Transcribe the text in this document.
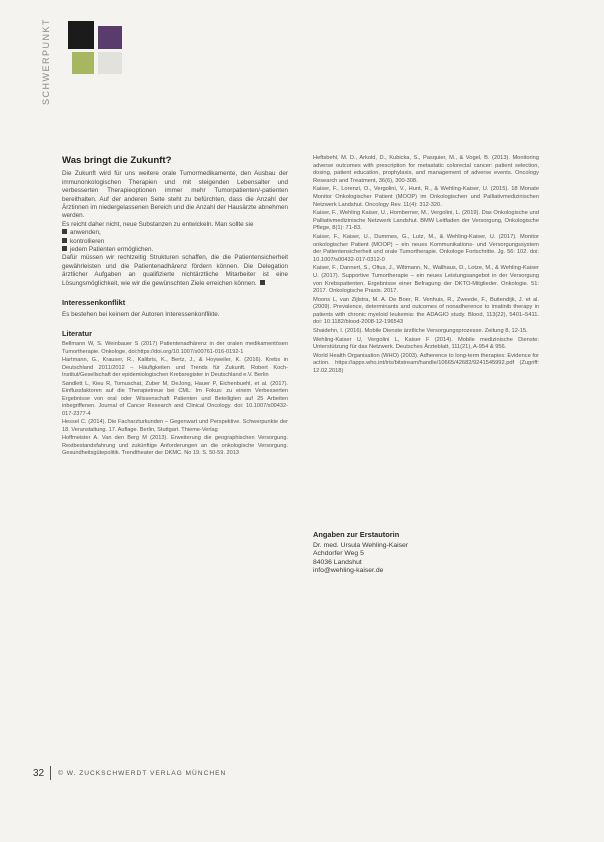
SCHWERPUNKT
Was bringt die Zukunft?

Die Zukunft wird für uns weitere orale Tumormedikamente, den Ausbau der immunonkologischen Therapien und mit steigenden Lebensalter und verbesserten Therapieoptionen immer mehr Tumorpatienten/-patienten bereithalten. Auf der anderen Seite steht zu befürchten, dass die Anzahl der Ärztinnen im niedergelassenen Bereich und die Anzahl der Hausärzte abnehmen werden.

Es reicht daher nicht, neue Substanzen zu entwickeln. Man sollte sie

anwenden,
kontrollieren
jedem Patienten ermöglichen.

Dafür müssen wir rechtzeitig Strukturen schaffen, die die Patientensicherheit gewährleisten und die Patientenadhärenz fördern können. Die Delegation ärztlicher Aufgaben an qualifizierte nichtärztliche Mitarbeiter ist eine Lösungsmöglichkeit, wie wir die gewünschten Ziele erreichen können.

Interessenkonflikt

Es bestehen bei keinem der Autoren Interessenkonflikte.

Literatur

Bellmann W, S. Weinbauer S (2017) Patientenadhärenz in der oralen medikamentösen Tumortherapie. Onkologe, doi:https://doi.org/10.1007/s00761-016-0192-1

Hartmann, G., Krauser, R., Kalibris, K., Bertz, J., & Hoyweiler, K. (2016). Krebs in Deutschland 2011/2012 – Häufigkeiten und Trends für Zukunft. Robert Koch-Institut/Gesellschaft der epidemiologischen Krebsregister in Deutschland e.V. Berlin

Sandlett L, Kieu R, Tomuschat, Zuber M, DeJong, Hauer P, Eichenbuehl, et al. (2017). Einflussfaktoren auf die Therapietreue bei CML: Im Fokus: zu einem Verbesserten Ergebnisse von oral oder Wissenschaft Patienten und Beteiligten auf 25 Arbeiten inbegriffenen. Journal of Cancer Research and Clinical Oncology. doi: 10.1007/s00432-017-2377-4

Hessel C. (2014). Die Facharzturkunden – Gegenwart und Perspektive. Schwerpunkte der 18. Veranstaltung. 17. Auflage. Berlin, Stuttgart. Thieme-Verlag

Hoffmeister A. Van den Berg M (2013). Erweiterung die geographischen Versorgung. Restbestandsfahrung und zukünftige Anforderungen an die onkologische Versorgung. Gesundheitsgütepolitik. Trendtheater der DKMC. No 19. S. 50-59. 2013

Heftsbehl, M. D., Arkold, D., Kubicka, S., Pasquier, M., & Vogel, B. (2013). Monitoring adverse outcomes with prescription for metastatic colorectal cancer: patient selection, dosing, patient education, prophylaxis, and management of adverse events. Oncology Research and Treatment, 36(6), 300-308.

Kaiser, F., Lorenzi, O., Vergolini, V., Hunt, R., & Wehling-Kaiser, U. (2015). 18 Monate Monitor Onkologischer Patient (MOOP) im Onkologischen und Palliativmedizinischen Netzwerk Landshut. Oncology Rev. 11(4): 312-320.

Kaiser, F., Wehling Kaiser, U., Homberner, M., Vergolini, L. (2019). Das Onkologische und Palliativmedizinische Netzwerk Landshut. BMW Leitfaden der Versorgung, Onkologische Pflege, 8(1): 71-83.

Kaiser, F., Kaiser, U., Dummes, G., Lutz, M., & Wehling-Kaiser, U. (2017). Monitor onkologischer Patient (MOOP) – ein neues Kommunikations- und Versorgungssystem der Patientensicherheit und orale Tumortherapie. Onkologe Fortschritte. Jg. 56: 102. doi: 10.1007/s00432-017-0312-0

Kaiser, F., Dannert, S., Oltus, J., Wiltmann, N., Wallhaus, D., Lotze, M., & Wehling-Kaiser U. (2017). Supportive Tumortherapie – ein neues Leistungsangebot in der Versorgung von Krebspatienten. Ergebnisse einer Befragung der DKTO-Mitglieder. Onkologie. 51: 2017. Onkologische Praxis. 2017.

Moons L, van Zijlstra, M. A. De Boer, R. Venhuis, R., Zweede, F., Buitendijk, J. et al. (2009). Prevalence, determinants and outcomes of nonadherence to imatinib therapy in patients with chronic myeloid leukemia: the ADAGIO study. Blood, 113(22), 5401–5411. doi: 10.1182/blood-2008-12-196543

Shaidehn, I. (2016). Mobile Dienste ärztliche Versorgungsprozesse. Zeitung 8, 12-15.

Wehling-Kaiser U, Vergolini L, Kaiser F (2014). Mobile medizinische Dienste: Unterstützung für das Netzwerk. Deutsches Ärzteblatt, 111(21), A-954 & 956.

World Health Organisation (WHO) (2003). Adherence to long-term therapies: Evidence for action. https://apps.who.int/iris/bitstream/handle/10665/42682/9241545992.pdf (Zugriff: 12.02.2018)

Angaben zur Erstautorin
Dr. med. Ursula Wehling-Kaiser
Achdorfer Weg 5
84036 Landshut
info@wehling-kaiser.de
32 © W. ZUCKSCHWERDT VERLAG MÜNCHEN
